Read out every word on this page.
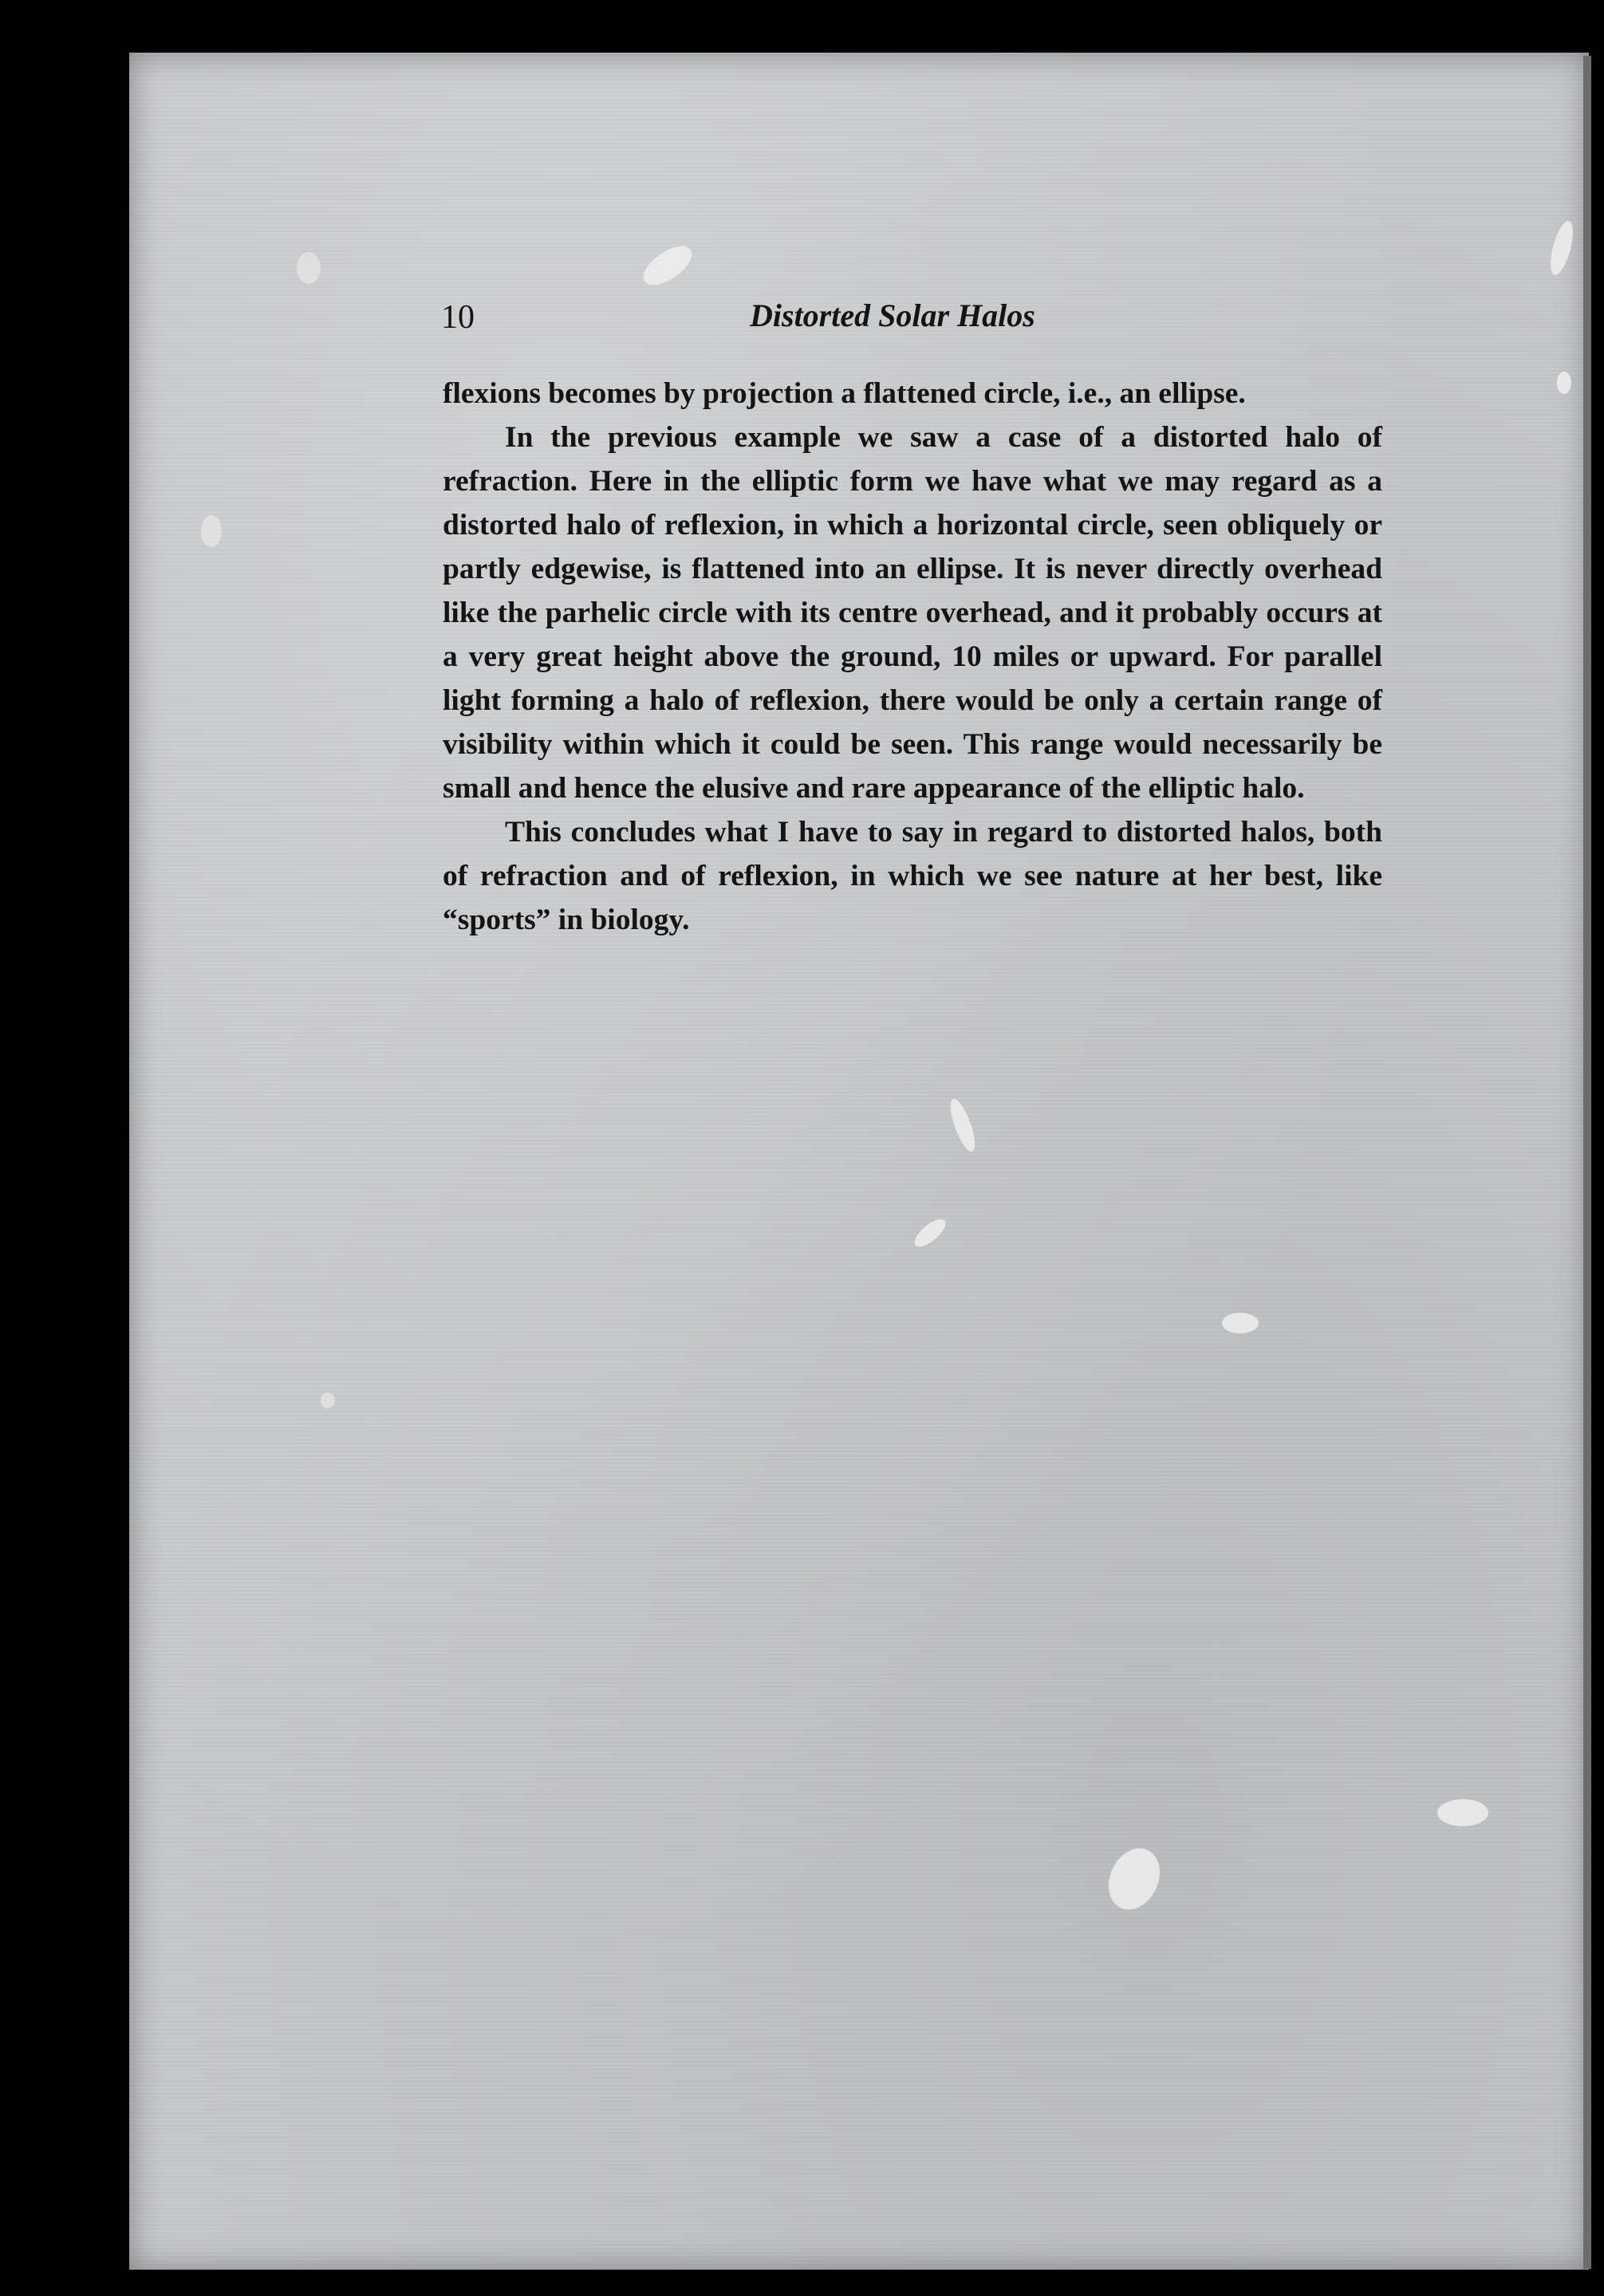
10	Distorted Solar Halos

flexions becomes by projection a flattened circle, i.e., an ellipse.

In the previous example we saw a case of a distorted halo of refraction. Here in the elliptic form we have what we may regard as a distorted halo of reflexion, in which a horizontal circle, seen obliquely or partly edgewise, is flattened into an ellipse. It is never directly overhead like the parhelic circle with its centre overhead, and it probably occurs at a very great height above the ground, 10 miles or upward. For parallel light forming a halo of reflexion, there would be only a certain range of visibility within which it could be seen. This range would necessarily be small and hence the elusive and rare appearance of the elliptic halo.

This concludes what I have to say in regard to distorted halos, both of refraction and of reflexion, in which we see nature at her best, like “sports” in biology.
